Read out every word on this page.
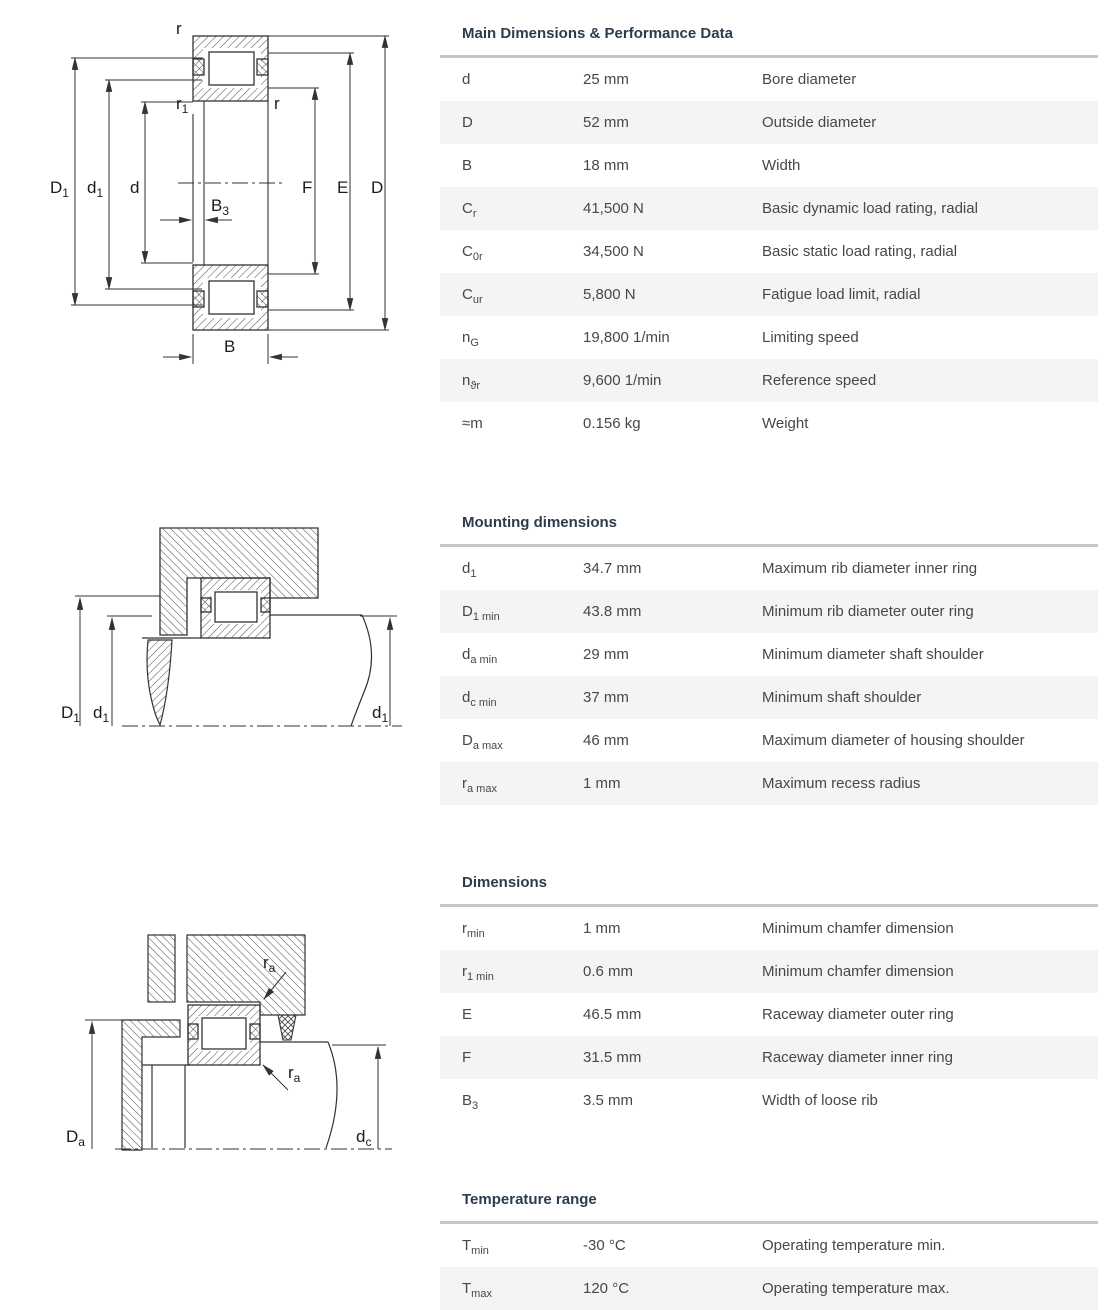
r
$r_1$	r
$D_1$ $d_1$ d
$B_3$
F E D
B
$D_1$ $d_1$	$d_1$
$r_a$
$r_a$
$D_a$	$d_c$
Main Dimensions & Performance Data
d	25 mm	Bore diameter
D	52 mm	Outside diameter
B	18 mm	Width
$C_r$	41,500 N	Basic dynamic load rating, radial
$C_{0r}$	34,500 N	Basic static load rating, radial
$C_{ur}$	5,800 N	Fatigue load limit, radial
$n_G$	19,800 1/min	Limiting speed
$n_{ϑr}$	9,600 1/min	Reference speed
≈m	0.156 kg	Weight
Mounting dimensions
$d_1$	34.7 mm	Maximum rib diameter inner ring
$D_{1 min}$	43.8 mm	Minimum rib diameter outer ring
$d_{a min}$	29 mm	Minimum diameter shaft shoulder
$d_{c min}$	37 mm	Minimum shaft shoulder
$D_{a max}$	46 mm	Maximum diameter of housing shoulder
$r_{a max}$	1 mm	Maximum recess radius
Dimensions
$r_{min}$	1 mm	Minimum chamfer dimension
$r_{1 min}$	0.6 mm	Minimum chamfer dimension
E	46.5 mm	Raceway diameter outer ring
F	31.5 mm	Raceway diameter inner ring
$B_3$	3.5 mm	Width of loose rib
Temperature range
$T_{min}$	-30 °C	Operating temperature min.
$T_{max}$	120 °C	Operating temperature max.
